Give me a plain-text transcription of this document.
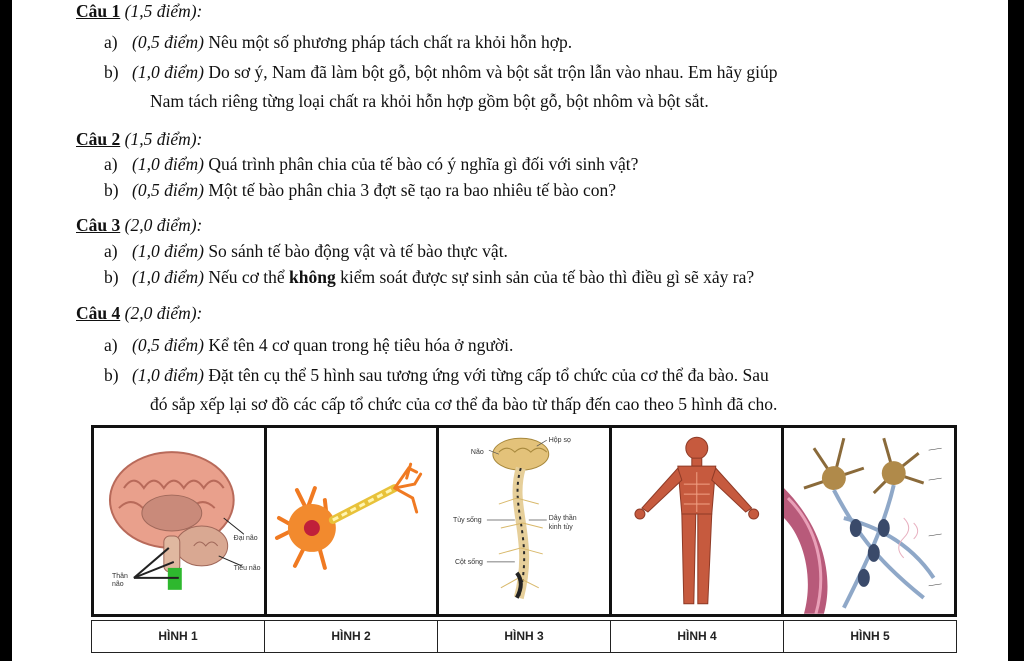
Câu 1 (1,5 điểm):
a) (0,5 điểm) Nêu một số phương pháp tách chất ra khỏi hỗn hợp.
b) (1,0 điểm) Do sơ ý, Nam đã làm bột gỗ, bột nhôm và bột sắt trộn lẫn vào nhau. Em hãy giúp
Nam tách riêng từng loại chất ra khỏi hỗn hợp gồm bột gỗ, bột nhôm và bột sắt.
Câu 2 (1,5 điểm):
a) (1,0 điểm) Quá trình phân chia của tế bào có ý nghĩa gì đối với sinh vật?
b) (0,5 điểm) Một tế bào phân chia 3 đợt sẽ tạo ra bao nhiêu tế bào con?
Câu 3 (2,0 điểm):
a) (1,0 điểm) So sánh tế bào động vật và tế bào thực vật.
b) (1,0 điểm) Nếu cơ thể không kiểm soát được sự sinh sản của tế bào thì điều gì sẽ xảy ra?
Câu 4 (2,0 điểm):
a) (0,5 điểm) Kể tên 4 cơ quan trong hệ tiêu hóa ở người.
b) (1,0 điểm) Đặt tên cụ thể 5 hình sau tương ứng với từng cấp tổ chức của cơ thể đa bào. Sau
đó sắp xếp lại sơ đồ các cấp tổ chức của cơ thể đa bào từ thấp đến cao theo 5 hình đã cho.
Đại não
Tiểu não
Thân
não
Não
Hộp sọ
Tủy sống	Dây thần
kinh tủy
Cột sống
HÌNH 1	HÌNH 2	HÌNH 3	HÌNH 4	HÌNH 5
